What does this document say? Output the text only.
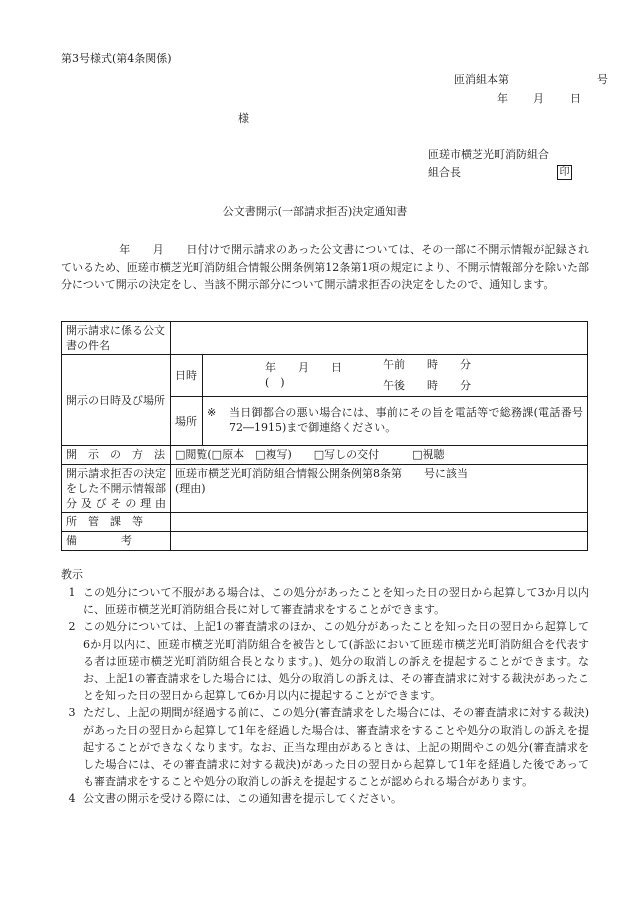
第3号様式(第4条関係)
匝消組本第	号
年 月 日
様
匝瑳市横芝光町消防組合
組合長	印
公文書開示(一部請求拒否)決定通知書
年　　月　　日付けで開示請求のあった公文書については、その一部に不開示情報が記録されているため、匝瑳市横芝光町消防組合情報公開条例第12条第1項の規定により、不開示情報部分を除いた部分について開示の決定をし、当該不開示部分について開示請求拒否の決定をしたので、通知します。
開示請求に係る公文書の件名		
開示の日時及び場所	日時	年　　月　　日(　)
午前　　時　　分
午後　　時　　分

	場所	※ 当日御都合の悪い場合には、事前にその旨を電話等で総務課(電話番号72―1915)まで御連絡ください。

開　示　の　方　法	□閲覧(□原本　□複写)　　□写しの交付　　　□視聴	
開示請求拒否の決定をした不開示情報部分及びその理由	匝瑳市横芝光町消防組合情報公開条例第8条第　　号に該当
(理由)	

所　管　課　等		
備　　　　考		
教示
1 この処分について不服がある場合は、この処分があったことを知った日の翌日から起算して3か月以内に、匝瑳市横芝光町消防組合長に対して審査請求をすることができます。
2 この処分については、上記1の審査請求のほか、この処分があったことを知った日の翌日から起算して6か月以内に、匝瑳市横芝光町消防組合を被告として(訴訟において匝瑳市横芝光町消防組合を代表する者は匝瑳市横芝光町消防組合長となります。)、処分の取消しの訴えを提起することができます。なお、上記1の審査請求をした場合には、処分の取消しの訴えは、その審査請求に対する裁決があったことを知った日の翌日から起算して6か月以内に提起することができます。
3 ただし、上記の期間が経過する前に、この処分(審査請求をした場合には、その審査請求に対する裁決)があった日の翌日から起算して1年を経過した場合は、審査請求をすることや処分の取消しの訴えを提起することができなくなります。なお、正当な理由があるときは、上記の期間やこの処分(審査請求をした場合には、その審査請求に対する裁決)があった日の翌日から起算して1年を経過した後であっても審査請求をすることや処分の取消しの訴えを提起することが認められる場合があります。
4 公文書の開示を受ける際には、この通知書を提示してください。
